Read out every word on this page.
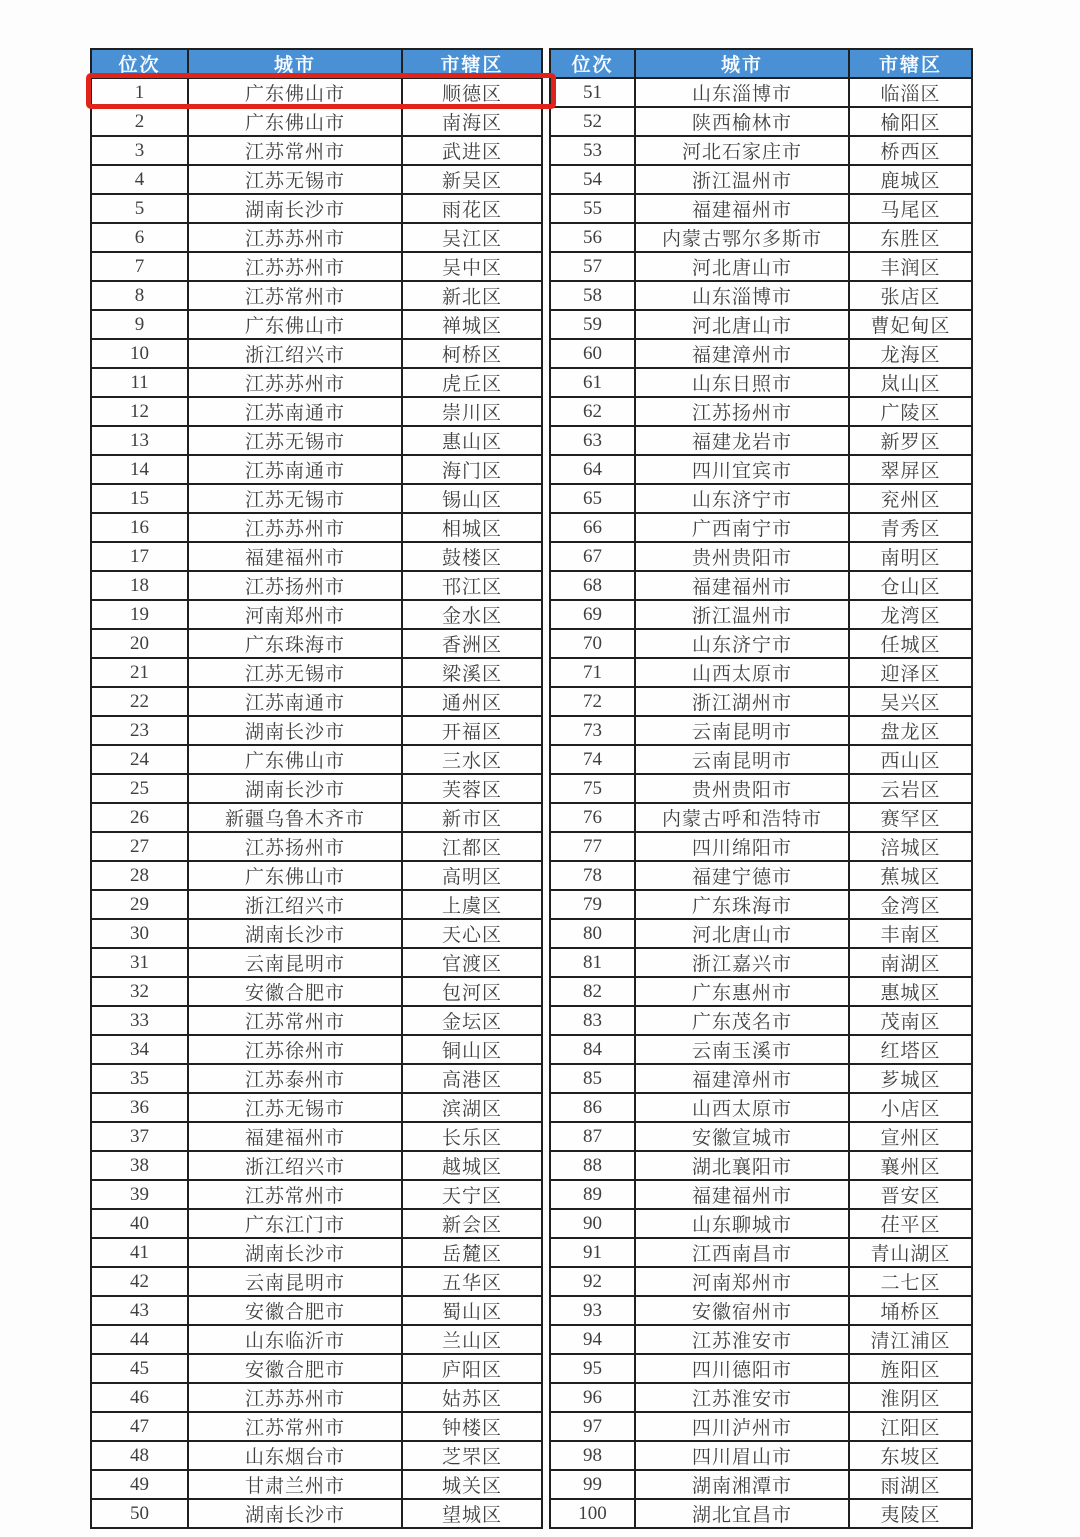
位次	城市	市辖区
1	广东佛山市	顺德区
2	广东佛山市	南海区
3	江苏常州市	武进区
4	江苏无锡市	新吴区
5	湖南长沙市	雨花区
6	江苏苏州市	吴江区
7	江苏苏州市	吴中区
8	江苏常州市	新北区
9	广东佛山市	禅城区
10	浙江绍兴市	柯桥区
11	江苏苏州市	虎丘区
12	江苏南通市	崇川区
13	江苏无锡市	惠山区
14	江苏南通市	海门区
15	江苏无锡市	锡山区
16	江苏苏州市	相城区
17	福建福州市	鼓楼区
18	江苏扬州市	邗江区
19	河南郑州市	金水区
20	广东珠海市	香洲区
21	江苏无锡市	梁溪区
22	江苏南通市	通州区
23	湖南长沙市	开福区
24	广东佛山市	三水区
25	湖南长沙市	芙蓉区
26	新疆乌鲁木齐市	新市区
27	江苏扬州市	江都区
28	广东佛山市	高明区
29	浙江绍兴市	上虞区
30	湖南长沙市	天心区
31	云南昆明市	官渡区
32	安徽合肥市	包河区
33	江苏常州市	金坛区
34	江苏徐州市	铜山区
35	江苏泰州市	高港区
36	江苏无锡市	滨湖区
37	福建福州市	长乐区
38	浙江绍兴市	越城区
39	江苏常州市	天宁区
40	广东江门市	新会区
41	湖南长沙市	岳麓区
42	云南昆明市	五华区
43	安徽合肥市	蜀山区
44	山东临沂市	兰山区
45	安徽合肥市	庐阳区
46	江苏苏州市	姑苏区
47	江苏常州市	钟楼区
48	山东烟台市	芝罘区
49	甘肃兰州市	城关区
50	湖南长沙市	望城区
位次	城市	市辖区
51	山东淄博市	临淄区
52	陕西榆林市	榆阳区
53	河北石家庄市	桥西区
54	浙江温州市	鹿城区
55	福建福州市	马尾区
56	内蒙古鄂尔多斯市	东胜区
57	河北唐山市	丰润区
58	山东淄博市	张店区
59	河北唐山市	曹妃甸区
60	福建漳州市	龙海区
61	山东日照市	岚山区
62	江苏扬州市	广陵区
63	福建龙岩市	新罗区
64	四川宜宾市	翠屏区
65	山东济宁市	兖州区
66	广西南宁市	青秀区
67	贵州贵阳市	南明区
68	福建福州市	仓山区
69	浙江温州市	龙湾区
70	山东济宁市	任城区
71	山西太原市	迎泽区
72	浙江湖州市	吴兴区
73	云南昆明市	盘龙区
74	云南昆明市	西山区
75	贵州贵阳市	云岩区
76	内蒙古呼和浩特市	赛罕区
77	四川绵阳市	涪城区
78	福建宁德市	蕉城区
79	广东珠海市	金湾区
80	河北唐山市	丰南区
81	浙江嘉兴市	南湖区
82	广东惠州市	惠城区
83	广东茂名市	茂南区
84	云南玉溪市	红塔区
85	福建漳州市	芗城区
86	山西太原市	小店区
87	安徽宣城市	宣州区
88	湖北襄阳市	襄州区
89	福建福州市	晋安区
90	山东聊城市	茌平区
91	江西南昌市	青山湖区
92	河南郑州市	二七区
93	安徽宿州市	埇桥区
94	江苏淮安市	清江浦区
95	四川德阳市	旌阳区
96	江苏淮安市	淮阴区
97	四川泸州市	江阳区
98	四川眉山市	东坡区
99	湖南湘潭市	雨湖区
100	湖北宜昌市	夷陵区
